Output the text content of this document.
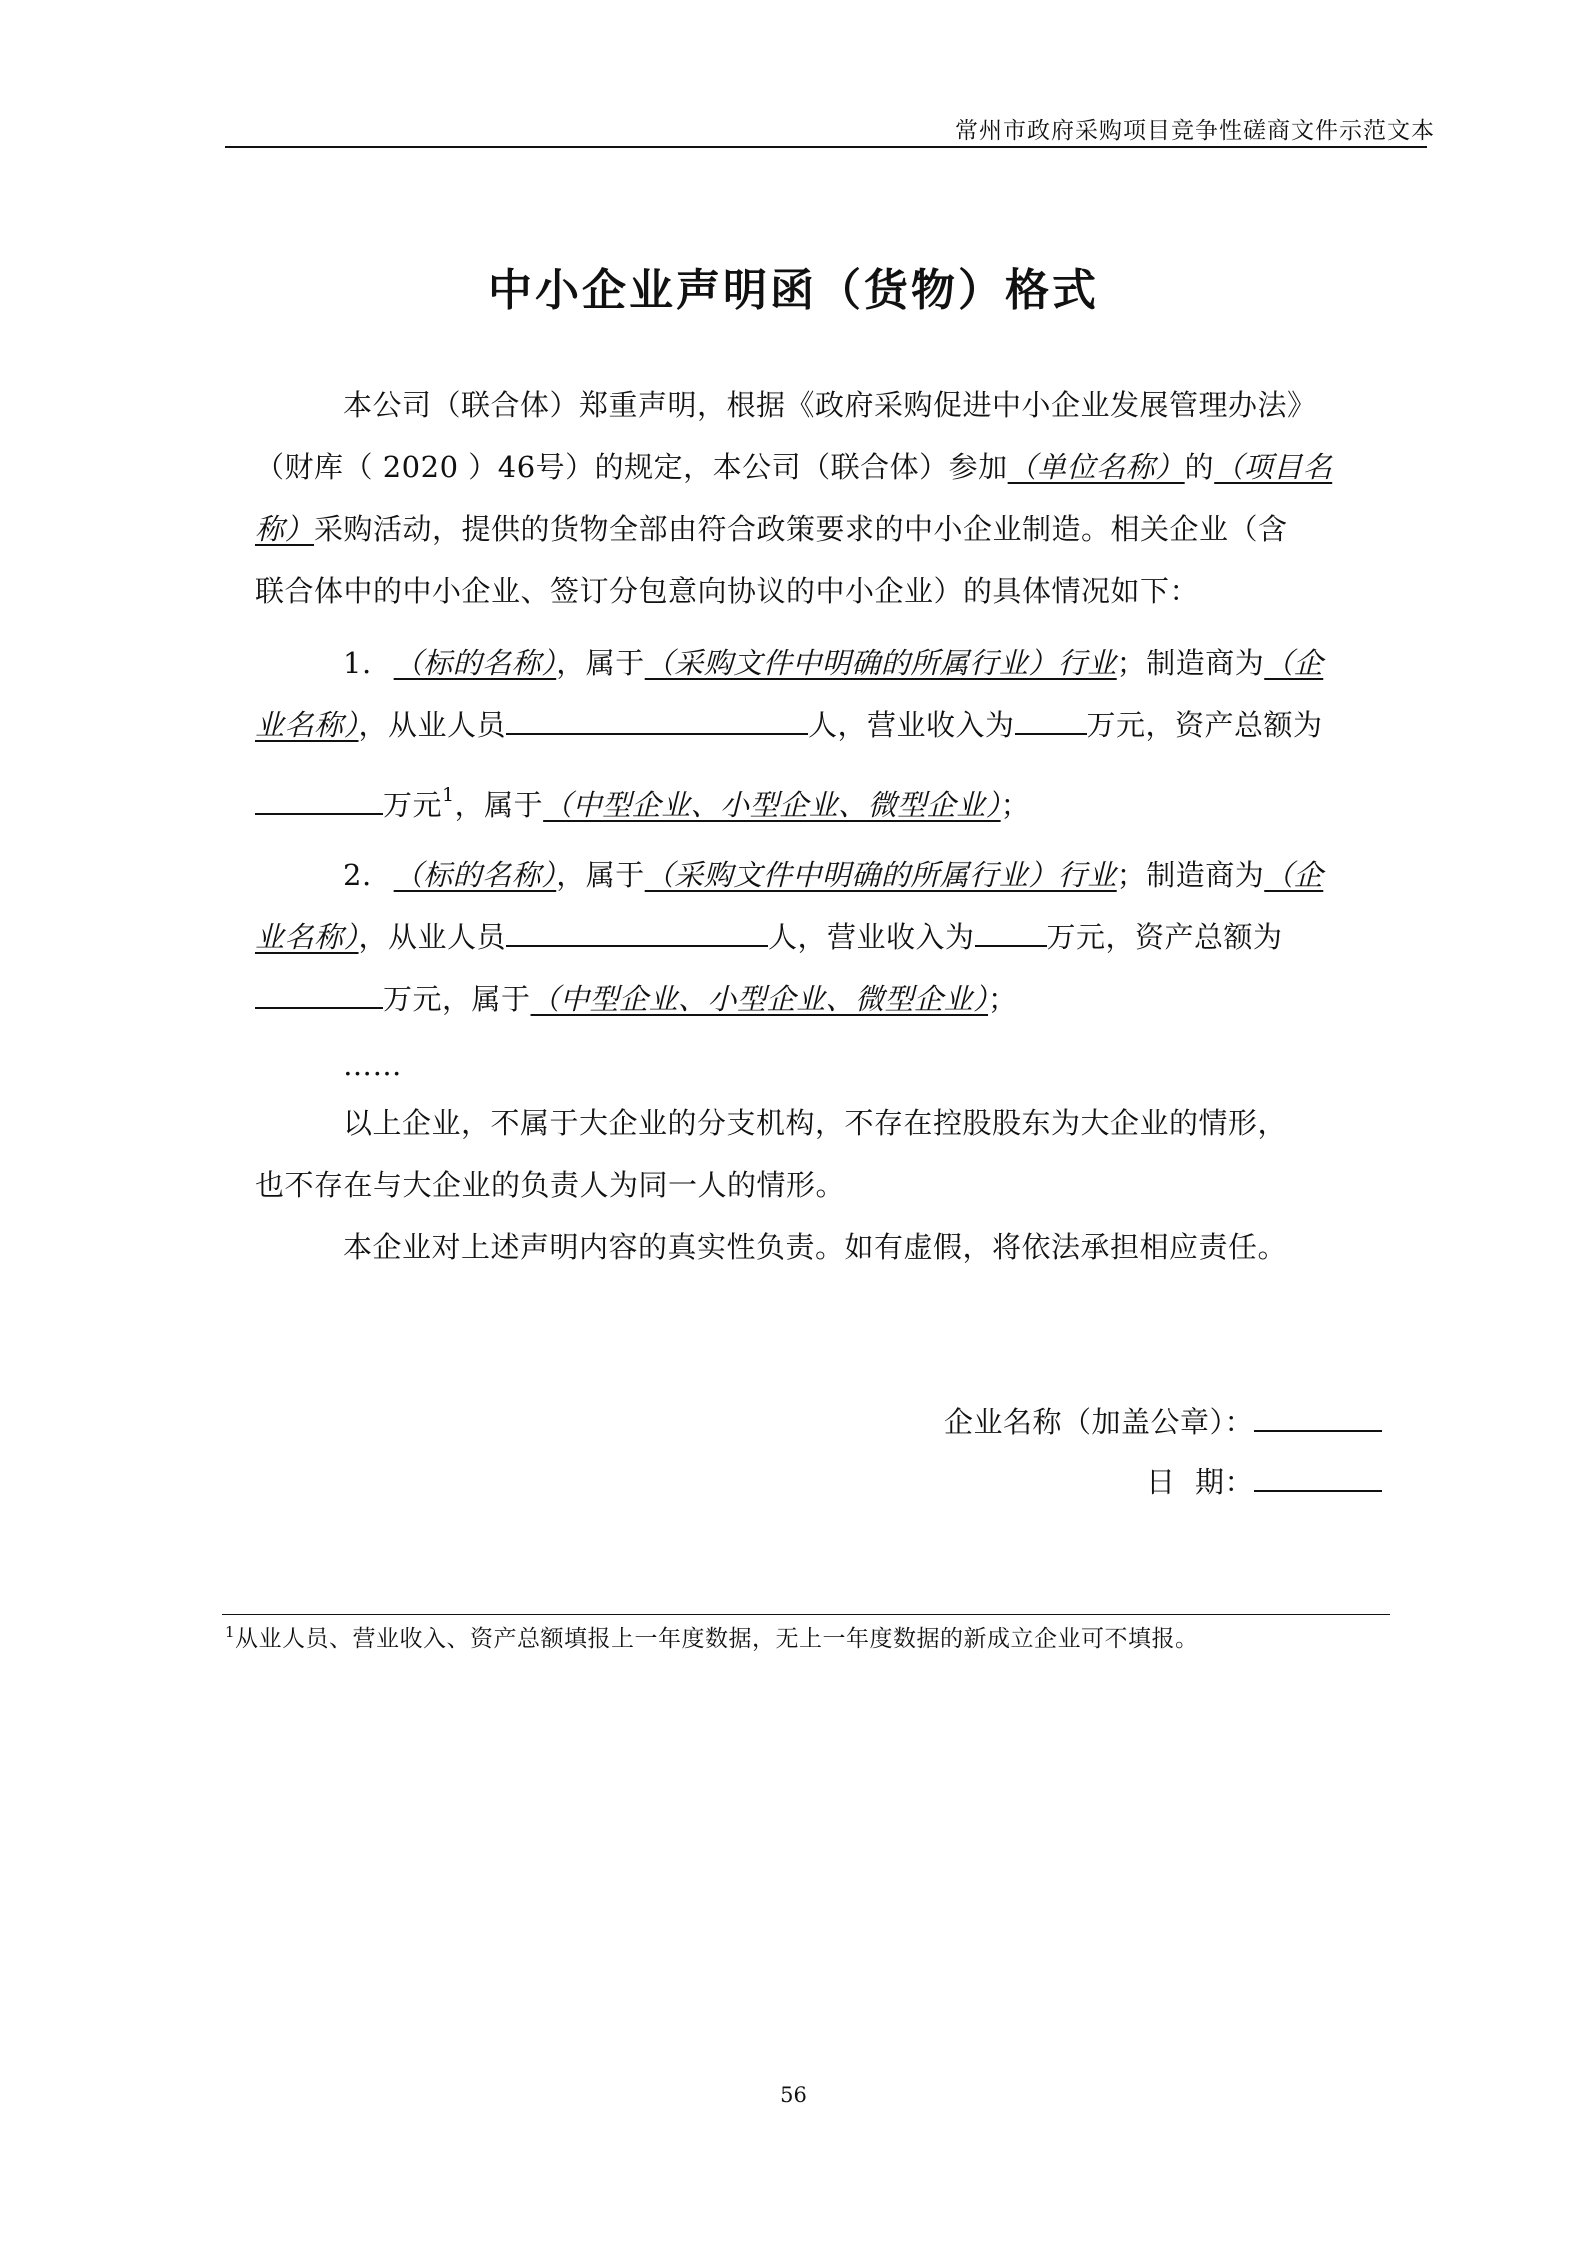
常州市政府采购项目竞争性磋商文件示范文本
中小企业声明函（货物）格式
本公司（联合体）郑重声明，根据《政府采购促进中小企业发展管理办法》
（财库（ 2020 ）46号）的规定，本公司（联合体）参加（单位名称）的（项目名
称）采购活动，提供的货物全部由符合政策要求的中小企业制造。相关企业（含
联合体中的中小企业、签订分包意向协议的中小企业）的具体情况如下：
1. （标的名称），属于（采购文件中明确的所属行业）行业；制造商为（企
业名称），从业人员	人，营业收入为 万元，资产总额为
万元$^1$，属于（中型企业、小型企业、微型企业）；
2. （标的名称），属于（采购文件中明确的所属行业）行业；制造商为（企
业名称），从业人员	人，营业收入为 万元，资产总额为
万元，属于（中型企业、小型企业、微型企业）；
……
以上企业，不属于大企业的分支机构，不存在控股股东为大企业的情形，
也不存在与大企业的负责人为同一人的情形。
本企业对上述声明内容的真实性负责。如有虚假，将依法承担相应责任。
企业名称（加盖公章）：
日  期：
$^1$从业人员、营业收入、资产总额填报上一年度数据，无上一年度数据的新成立企业可不填报。
56
